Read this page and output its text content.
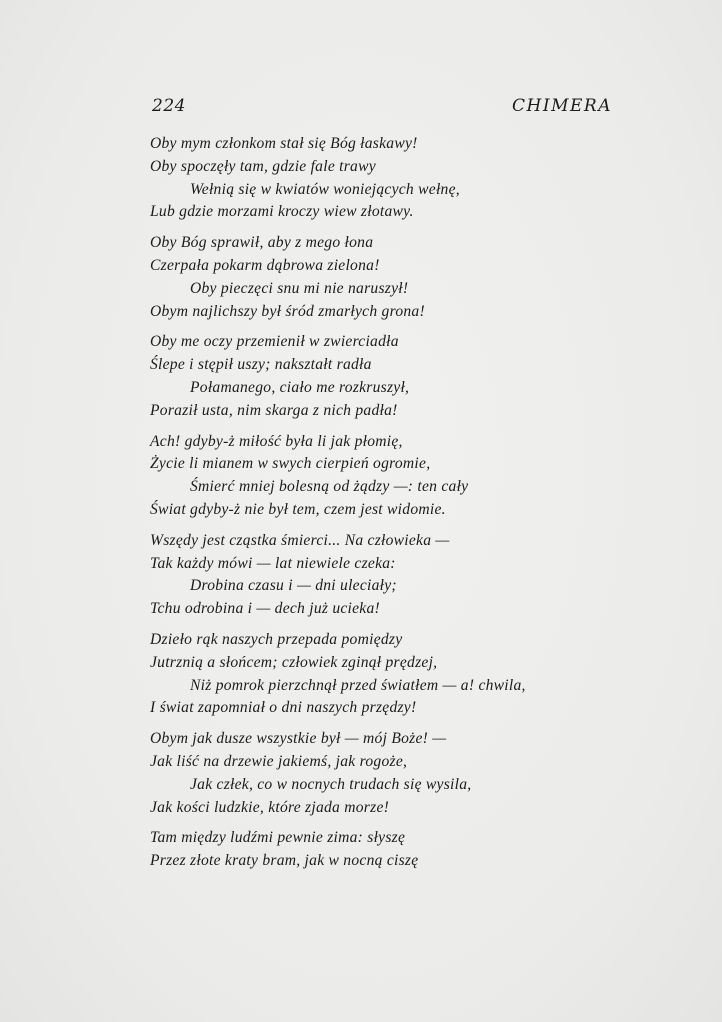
224	CHIMERA
Oby mym członkom stał się Bóg łaskawy!
Oby spoczęły tam, gdzie fale trawy
Wełnią się w kwiatów woniejących wełnę,
Lub gdzie morzami kroczy wiew złotawy.
Oby Bóg sprawił, aby z mego łona
Czerpała pokarm dąbrowa zielona!
Oby pieczęci snu mi nie naruszył!
Obym najlichszy był śród zmarłych grona!
Oby me oczy przemienił w zwierciadła
Ślepe i stępił uszy; nakształt radła
Połamanego, ciało me rozkruszył,
Poraził usta, nim skarga z nich padła!
Ach! gdyby-ż miłość była li jak płomię,
Życie li mianem w swych cierpień ogromie,
Śmierć mniej bolesną od żądzy —: ten cały
Świat gdyby-ż nie był tem, czem jest widomie.
Wszędy jest cząstka śmierci... Na człowieka —
Tak każdy mówi — lat niewiele czeka:
Drobina czasu i — dni uleciały;
Tchu odrobina i — dech już ucieka!
Dzieło rąk naszych przepada pomiędzy
Jutrznią a słońcem; człowiek zginął prędzej,
Niż pomrok pierzchnął przed światłem — a! chwila,
I świat zapomniał o dni naszych przędzy!
Obym jak dusze wszystkie był — mój Boże! —
Jak liść na drzewie jakiemś, jak rogoże,
Jak człek, co w nocnych trudach się wysila,
Jak kości ludzkie, które zjada morze!
Tam między ludźmi pewnie zima: słyszę
Przez złote kraty bram, jak w nocną ciszę
